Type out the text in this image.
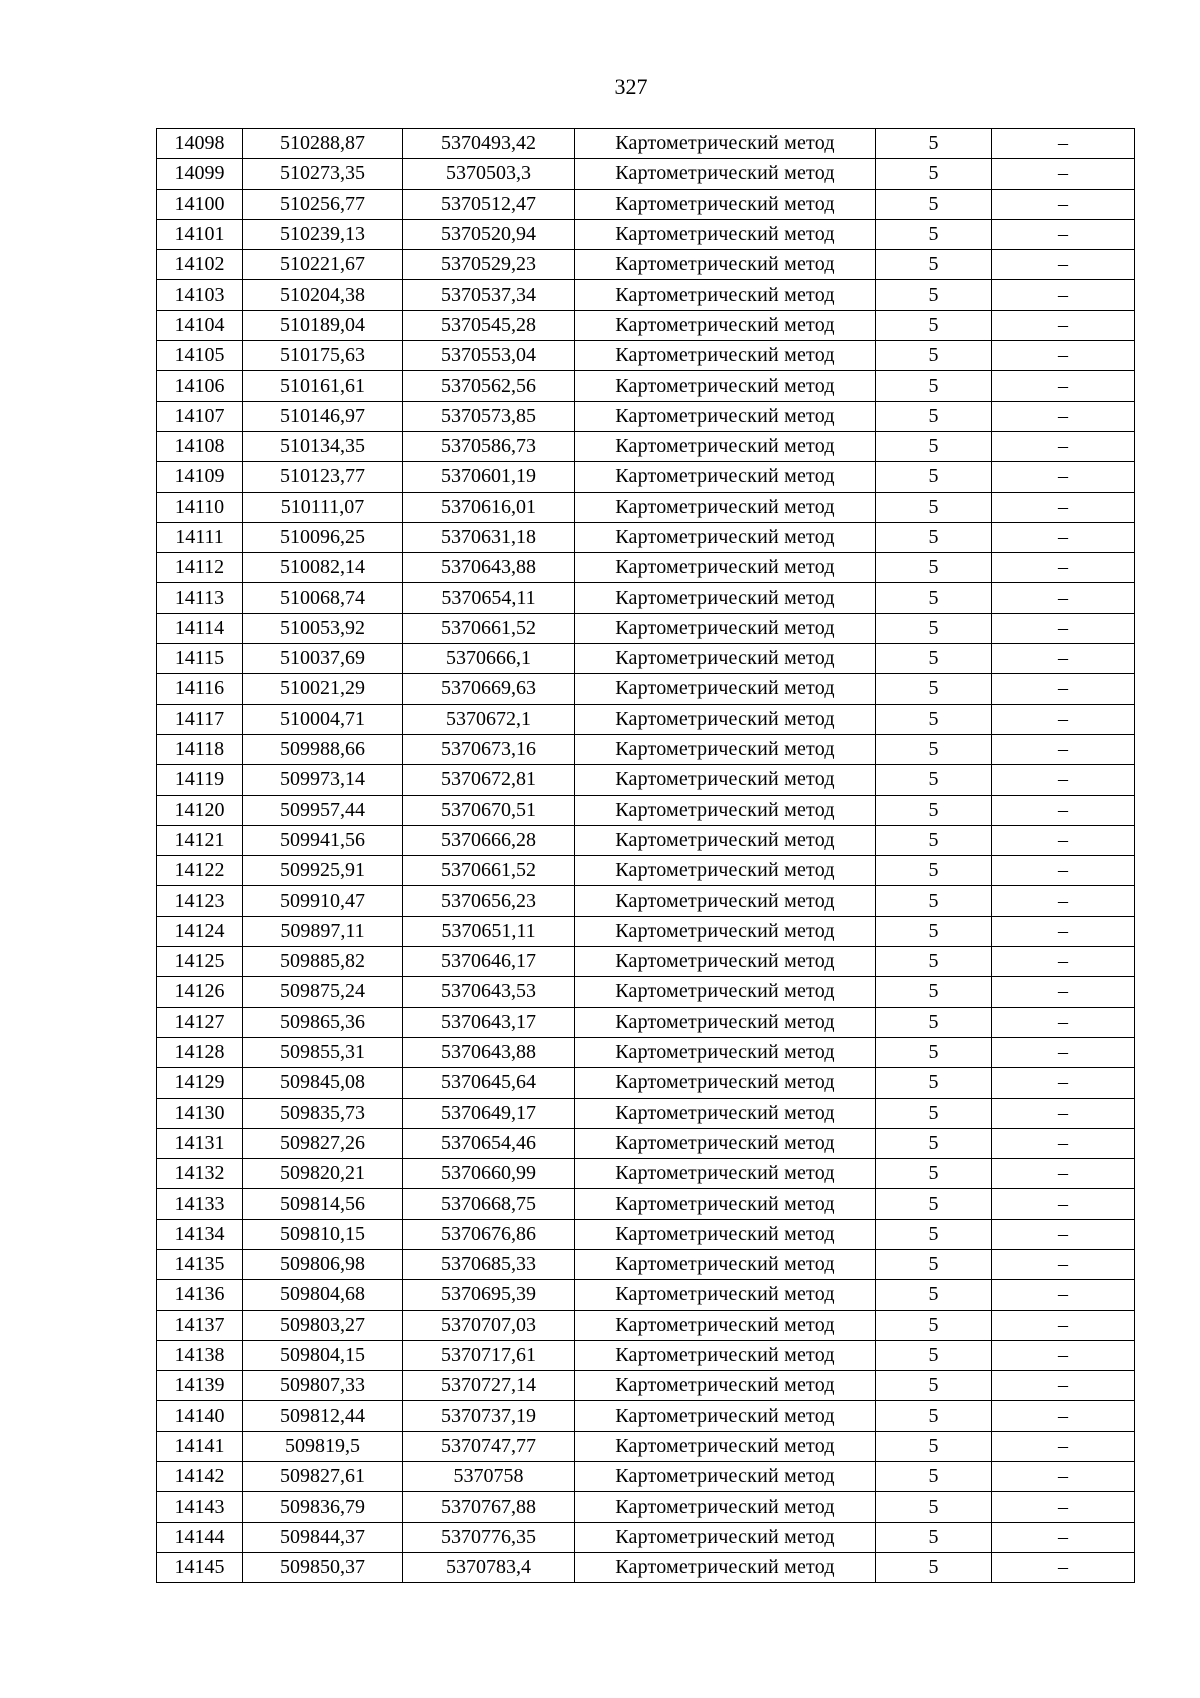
327
14098	510288,87	5370493,42	Картометрический метод	5	–
14099	510273,35	5370503,3	Картометрический метод	5	–
14100	510256,77	5370512,47	Картометрический метод	5	–
14101	510239,13	5370520,94	Картометрический метод	5	–
14102	510221,67	5370529,23	Картометрический метод	5	–
14103	510204,38	5370537,34	Картометрический метод	5	–
14104	510189,04	5370545,28	Картометрический метод	5	–
14105	510175,63	5370553,04	Картометрический метод	5	–
14106	510161,61	5370562,56	Картометрический метод	5	–
14107	510146,97	5370573,85	Картометрический метод	5	–
14108	510134,35	5370586,73	Картометрический метод	5	–
14109	510123,77	5370601,19	Картометрический метод	5	–
14110	510111,07	5370616,01	Картометрический метод	5	–
14111	510096,25	5370631,18	Картометрический метод	5	–
14112	510082,14	5370643,88	Картометрический метод	5	–
14113	510068,74	5370654,11	Картометрический метод	5	–
14114	510053,92	5370661,52	Картометрический метод	5	–
14115	510037,69	5370666,1	Картометрический метод	5	–
14116	510021,29	5370669,63	Картометрический метод	5	–
14117	510004,71	5370672,1	Картометрический метод	5	–
14118	509988,66	5370673,16	Картометрический метод	5	–
14119	509973,14	5370672,81	Картометрический метод	5	–
14120	509957,44	5370670,51	Картометрический метод	5	–
14121	509941,56	5370666,28	Картометрический метод	5	–
14122	509925,91	5370661,52	Картометрический метод	5	–
14123	509910,47	5370656,23	Картометрический метод	5	–
14124	509897,11	5370651,11	Картометрический метод	5	–
14125	509885,82	5370646,17	Картометрический метод	5	–
14126	509875,24	5370643,53	Картометрический метод	5	–
14127	509865,36	5370643,17	Картометрический метод	5	–
14128	509855,31	5370643,88	Картометрический метод	5	–
14129	509845,08	5370645,64	Картометрический метод	5	–
14130	509835,73	5370649,17	Картометрический метод	5	–
14131	509827,26	5370654,46	Картометрический метод	5	–
14132	509820,21	5370660,99	Картометрический метод	5	–
14133	509814,56	5370668,75	Картометрический метод	5	–
14134	509810,15	5370676,86	Картометрический метод	5	–
14135	509806,98	5370685,33	Картометрический метод	5	–
14136	509804,68	5370695,39	Картометрический метод	5	–
14137	509803,27	5370707,03	Картометрический метод	5	–
14138	509804,15	5370717,61	Картометрический метод	5	–
14139	509807,33	5370727,14	Картометрический метод	5	–
14140	509812,44	5370737,19	Картометрический метод	5	–
14141	509819,5	5370747,77	Картометрический метод	5	–
14142	509827,61	5370758	Картометрический метод	5	–
14143	509836,79	5370767,88	Картометрический метод	5	–
14144	509844,37	5370776,35	Картометрический метод	5	–
14145	509850,37	5370783,4	Картометрический метод	5	–
